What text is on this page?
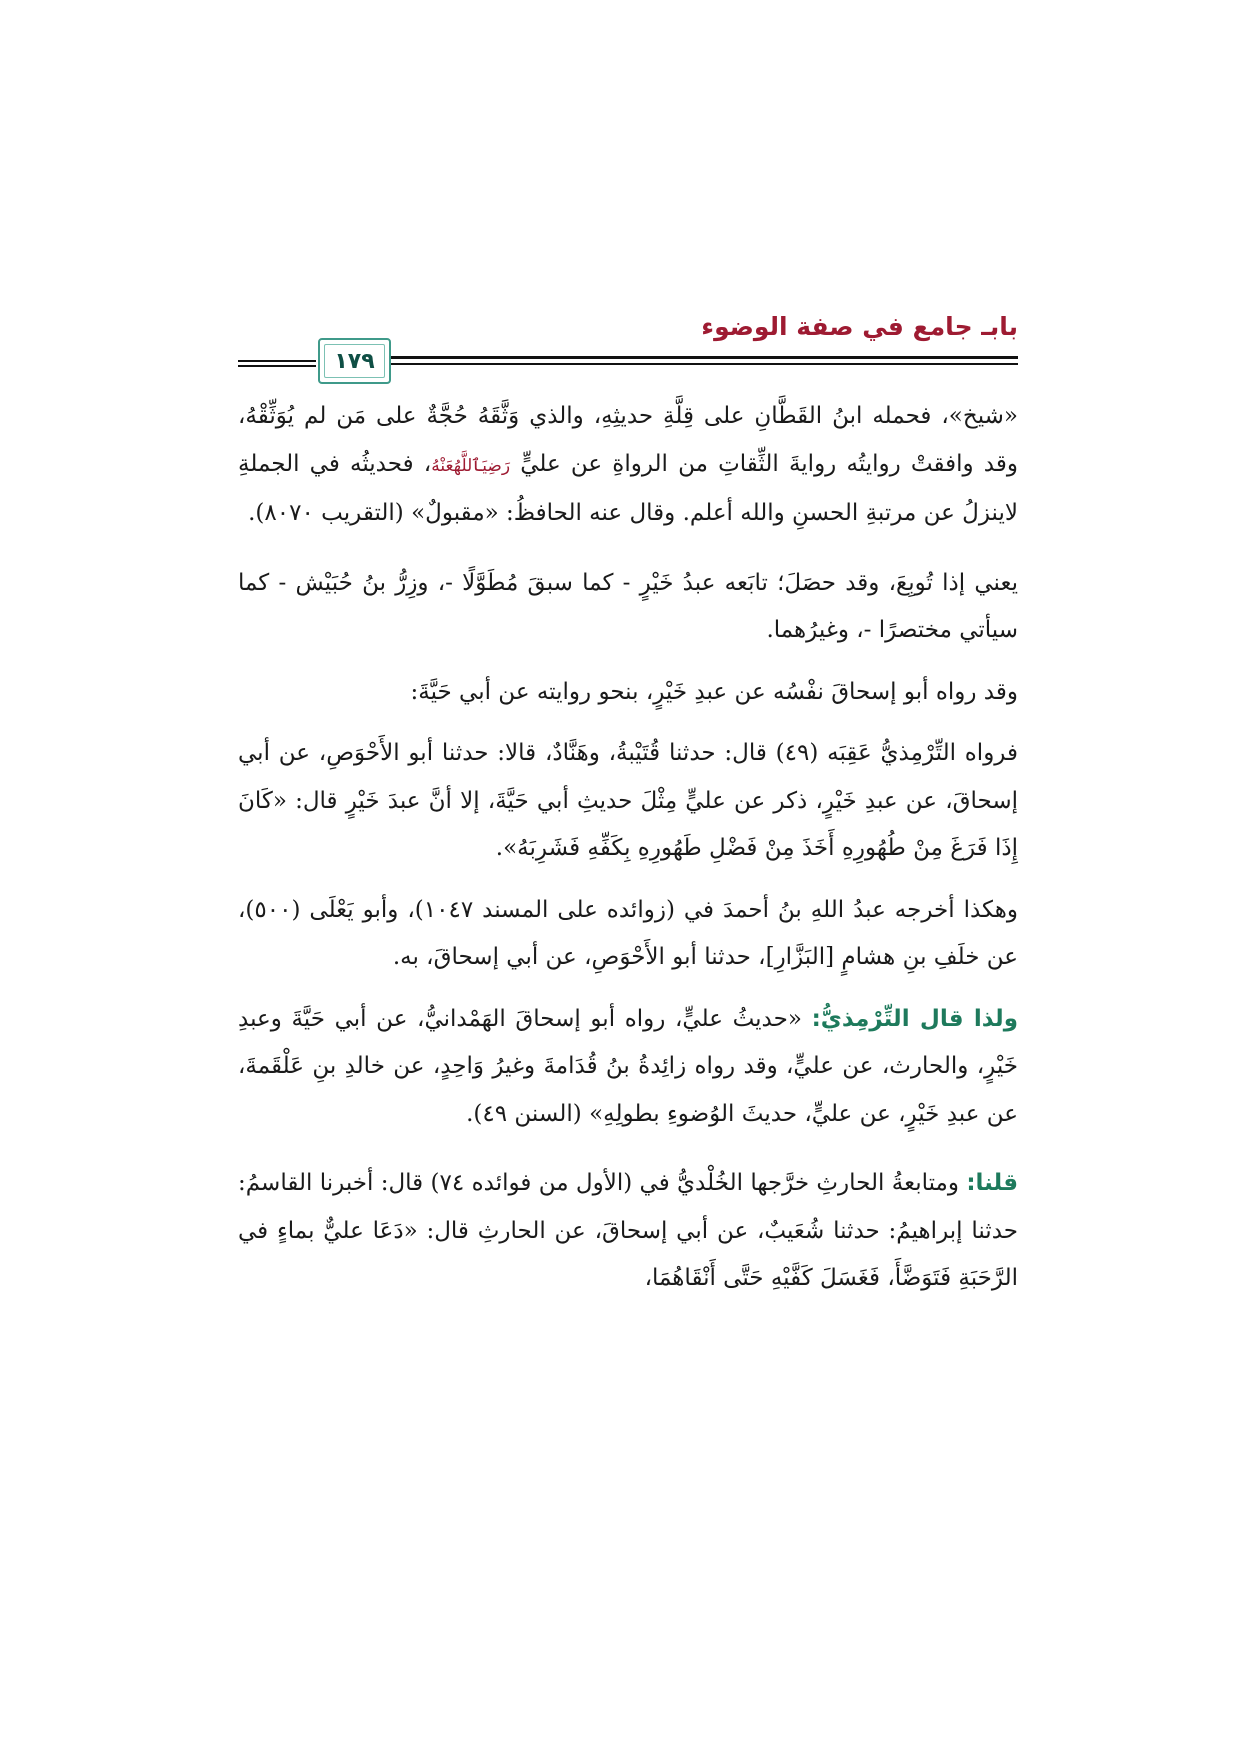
بابـ جامع في صفة الوضوء
١٧٩

«شيخ»، فحمله ابنُ القَطَّانِ على قِلَّةِ حديثِهِ، والذي وَثَّقَهُ حُجَّةٌ على مَن لم يُوَثِّقْهُ، وقد وافقتْ روايتُه روايةَ الثِّقاتِ من الرواةِ عن عليٍّ رَضِيَٱللَّهُعَنْهُ، فحديثُه في الجملةِ لاينزلُ عن مرتبةِ الحسنِ والله أعلم. وقال عنه الحافظُ: «مقبولٌ» (التقريب ٨٠٧٠).

يعني إذا تُوبِعَ، وقد حصَلَ؛ تابَعه عبدُ خَيْرٍ - كما سبقَ مُطَوَّلًا -، وزِرُّ بنُ حُبَيْش - كما سيأتي مختصرًا -، وغيرُهما.

وقد رواه أبو إسحاقَ نفْسُه عن عبدِ خَيْرٍ، بنحو روايته عن أبي حَيَّةَ:

فرواه التِّرْمِذيُّ عَقِبَه (٤٩) قال: حدثنا قُتَيْبةُ، وهَنَّادٌ، قالا: حدثنا أبو الأَحْوَصِ، عن أبي إسحاقَ، عن عبدِ خَيْرٍ، ذكر عن عليٍّ مِثْلَ حديثِ أبي حَيَّةَ، إلا أنَّ عبدَ خَيْرٍ قال: «كَانَ إِذَا فَرَغَ مِنْ طُهُورِهِ أَخَذَ مِنْ فَضْلِ طَهُورِهِ بِكَفِّهِ فَشَرِبَهُ».

وهكذا أخرجه عبدُ اللهِ بنُ أحمدَ في (زوائده على المسند ١٠٤٧)، وأبو يَعْلَى (٥٠٠)، عن خلَفِ بنِ هشامٍ [البَزَّارِ]، حدثنا أبو الأَحْوَصِ، عن أبي إسحاقَ، به.

ولذا قال التِّرْمِذيُّ: «حديثُ عليٍّ، رواه أبو إسحاقَ الهَمْدانيُّ، عن أبي حَيَّةَ وعبدِ خَيْرٍ، والحارث، عن عليٍّ، وقد رواه زائِدةُ بنُ قُدَامةَ وغيرُ وَاحِدٍ، عن خالدِ بنِ عَلْقَمةَ، عن عبدِ خَيْرٍ، عن عليٍّ، حديثَ الوُضوءِ بطولِهِ» (السنن ٤٩).

قلنا: ومتابعةُ الحارثِ خرَّجها الخُلْديُّ في (الأول من فوائده ٧٤) قال: أخبرنا القاسمُ: حدثنا إبراهيمُ: حدثنا شُعَيبٌ، عن أبي إسحاقَ، عن الحارثِ قال: «دَعَا عليٌّ بماءٍ في الرَّحَبَةِ فَتَوَضَّأَ، فَغَسَلَ كَفَّيْهِ حَتَّى أَنْقَاهُمَا،
